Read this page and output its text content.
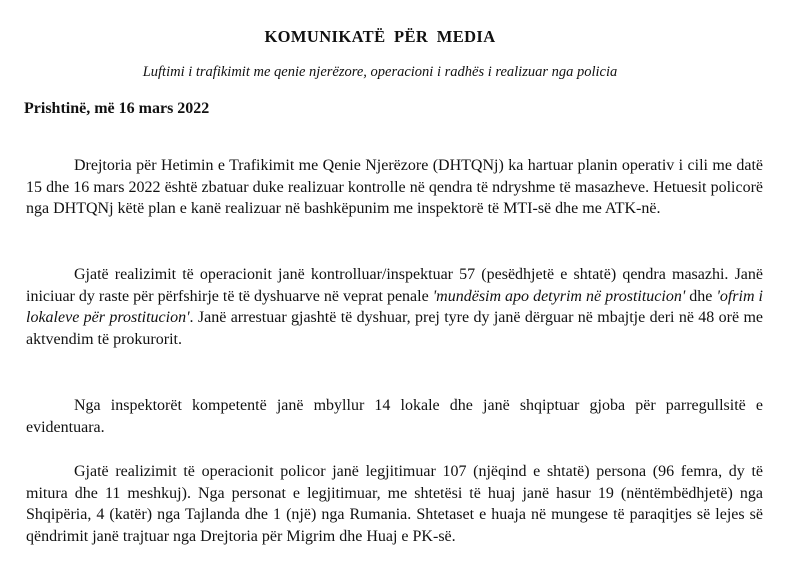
KOMUNIKATË PËR MEDIA
Luftimi i trafikimit me qenie njerëzore, operacioni i radhës i realizuar nga policia
Prishtinë, më 16 mars 2022

Drejtoria për Hetimin e Trafikimit me Qenie Njerëzore (DHTQNj) ka hartuar planin operativ i cili me datë 15 dhe 16 mars 2022 është zbatuar duke realizuar kontrolle në qendra të ndryshme të masazheve. Hetuesit policorë nga DHTQNj këtë plan e kanë realizuar në bashkëpunim me inspektorë të MTI-së dhe me ATK-në.

Gjatë realizimit të operacionit janë kontrolluar/inspektuar 57 (pesëdhjetë e shtatë) qendra masazhi. Janë iniciuar dy raste për përfshirje të të dyshuarve në veprat penale 'mundësim apo detyrim në prostitucion' dhe 'ofrim i lokaleve për prostitucion'. Janë arrestuar gjashtë të dyshuar, prej tyre dy janë dërguar në mbajtje deri në 48 orë me aktvendim të prokurorit.

Nga inspektorët kompetentë janë mbyllur 14 lokale dhe janë shqiptuar gjoba për parregullsitë e evidentuara.

Gjatë realizimit të operacionit policor janë legjitimuar 107 (njëqind e shtatë) persona (96 femra, dy të mitura dhe 11 meshkuj). Nga personat e legjitimuar, me shtetësi të huaj janë hasur 19 (nëntëmbëdhjetë) nga Shqipëria, 4 (katër) nga Tajlanda dhe 1 (një) nga Rumania. Shtetaset e huaja në mungese të paraqitjes së lejes së qëndrimit janë trajtuar nga Drejtoria për Migrim dhe Huaj e PK-së.
